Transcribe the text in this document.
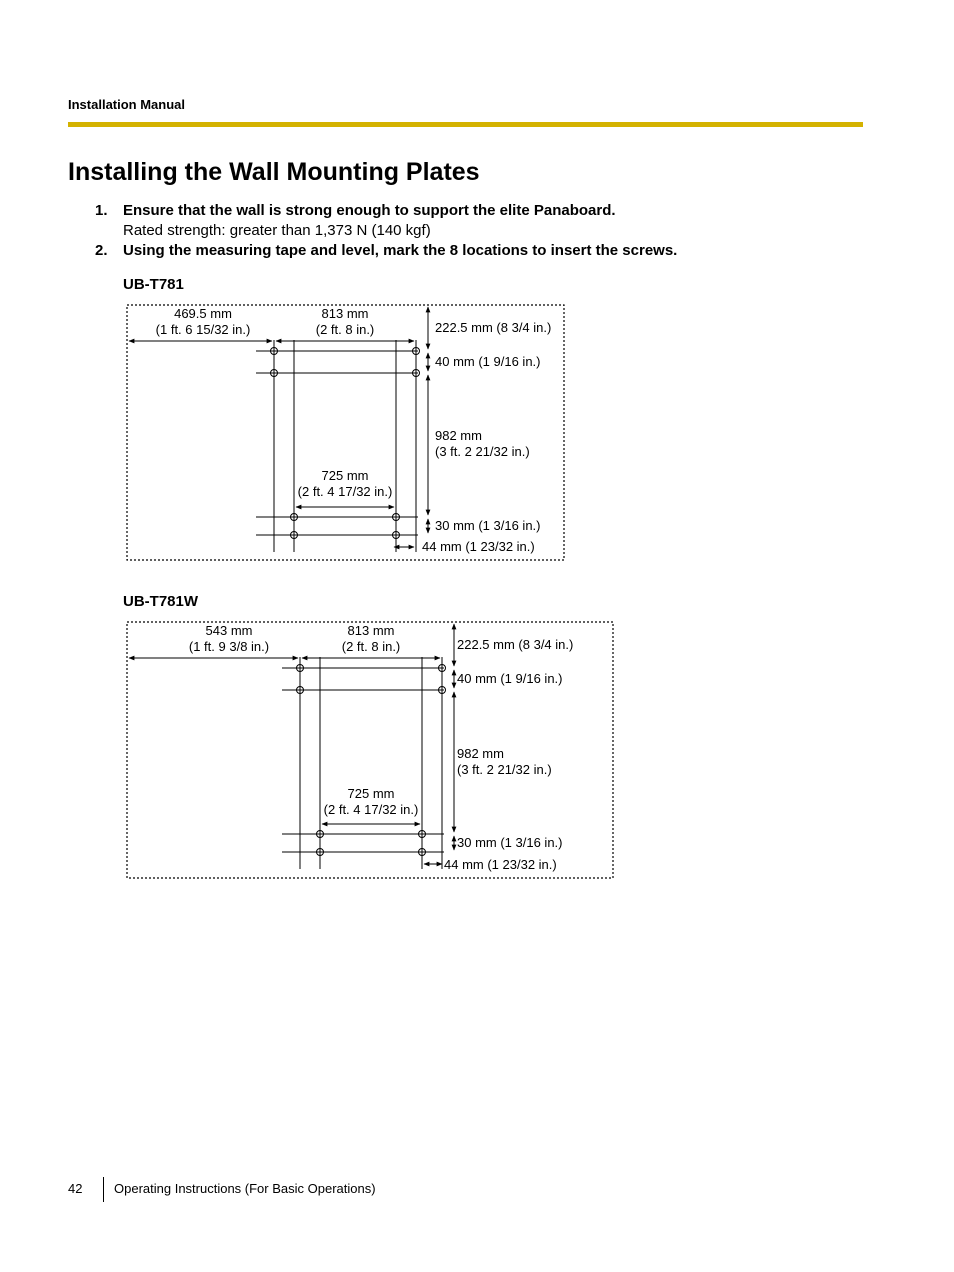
Installation Manual
Installing the Wall Mounting Plates
1. Ensure that the wall is strong enough to support the elite Panaboard.
Rated strength: greater than 1,373 N (140 kgf)
2. Using the measuring tape and level, mark the 8 locations to insert the screws.
UB-T781
UB-T781W
469.5 mm
(1 ft. 6 15/32 in.)
813 mm
(2 ft. 8 in.)	222.5 mm (8 3/4 in.)
40 mm (1 9/16 in.)
982 mm
(3 ft. 2 21/32 in.)
725 mm
(2 ft. 4 17/32 in.)
30 mm (1 3/16 in.)
44 mm (1 23/32 in.)
543 mm
(1 ft. 9 3/8 in.)
813 mm
(2 ft. 8 in.)	222.5 mm (8 3/4 in.)
40 mm (1 9/16 in.)
982 mm
(3 ft. 2 21/32 in.)
725 mm
(2 ft. 4 17/32 in.)
30 mm (1 3/16 in.)
44 mm (1 23/32 in.)
42 Operating Instructions (For Basic Operations)
